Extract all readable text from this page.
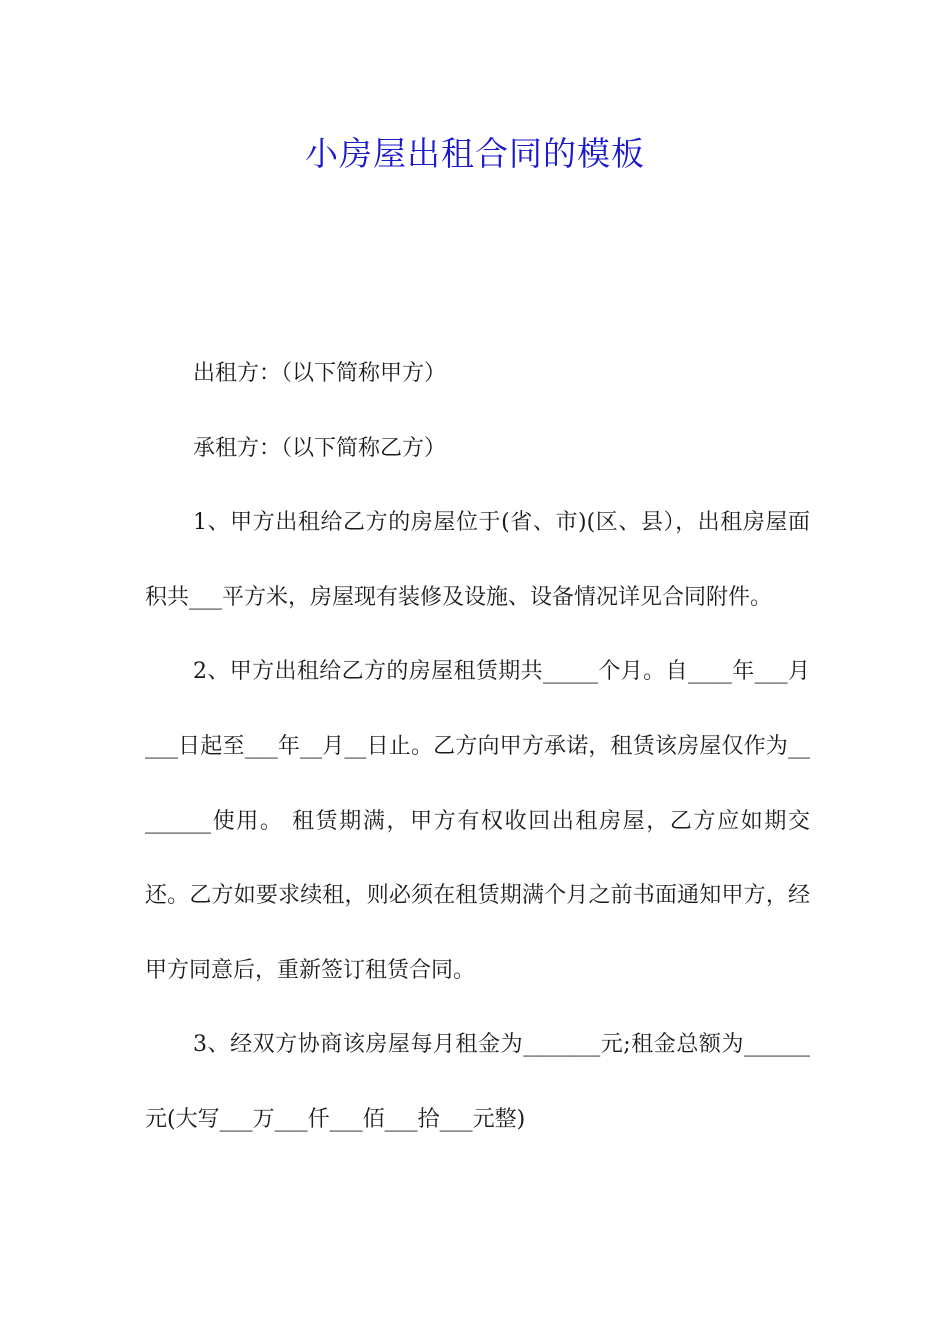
小房屋出租合同的模板

出租方：（以下简称甲方）

承租方：（以下简称乙方）

1、甲方出租给乙方的房屋位于(省、市)(区、县），出租房屋面积共___平方米，房屋现有装修及设施、设备情况详见合同附件。

2、甲方出租给乙方的房屋租赁期共_____个月。自____年___月___日起至___年__月__日止。乙方向甲方承诺，租赁该房屋仅作为________使用。 租赁期满，甲方有权收回出租房屋，乙方应如期交还。乙方如要求续租，则必须在租赁期满个月之前书面通知甲方，经甲方同意后，重新签订租赁合同。

3、经双方协商该房屋每月租金为_______元;租金总额为______元(大写___万___仟___佰___拾___元整)
